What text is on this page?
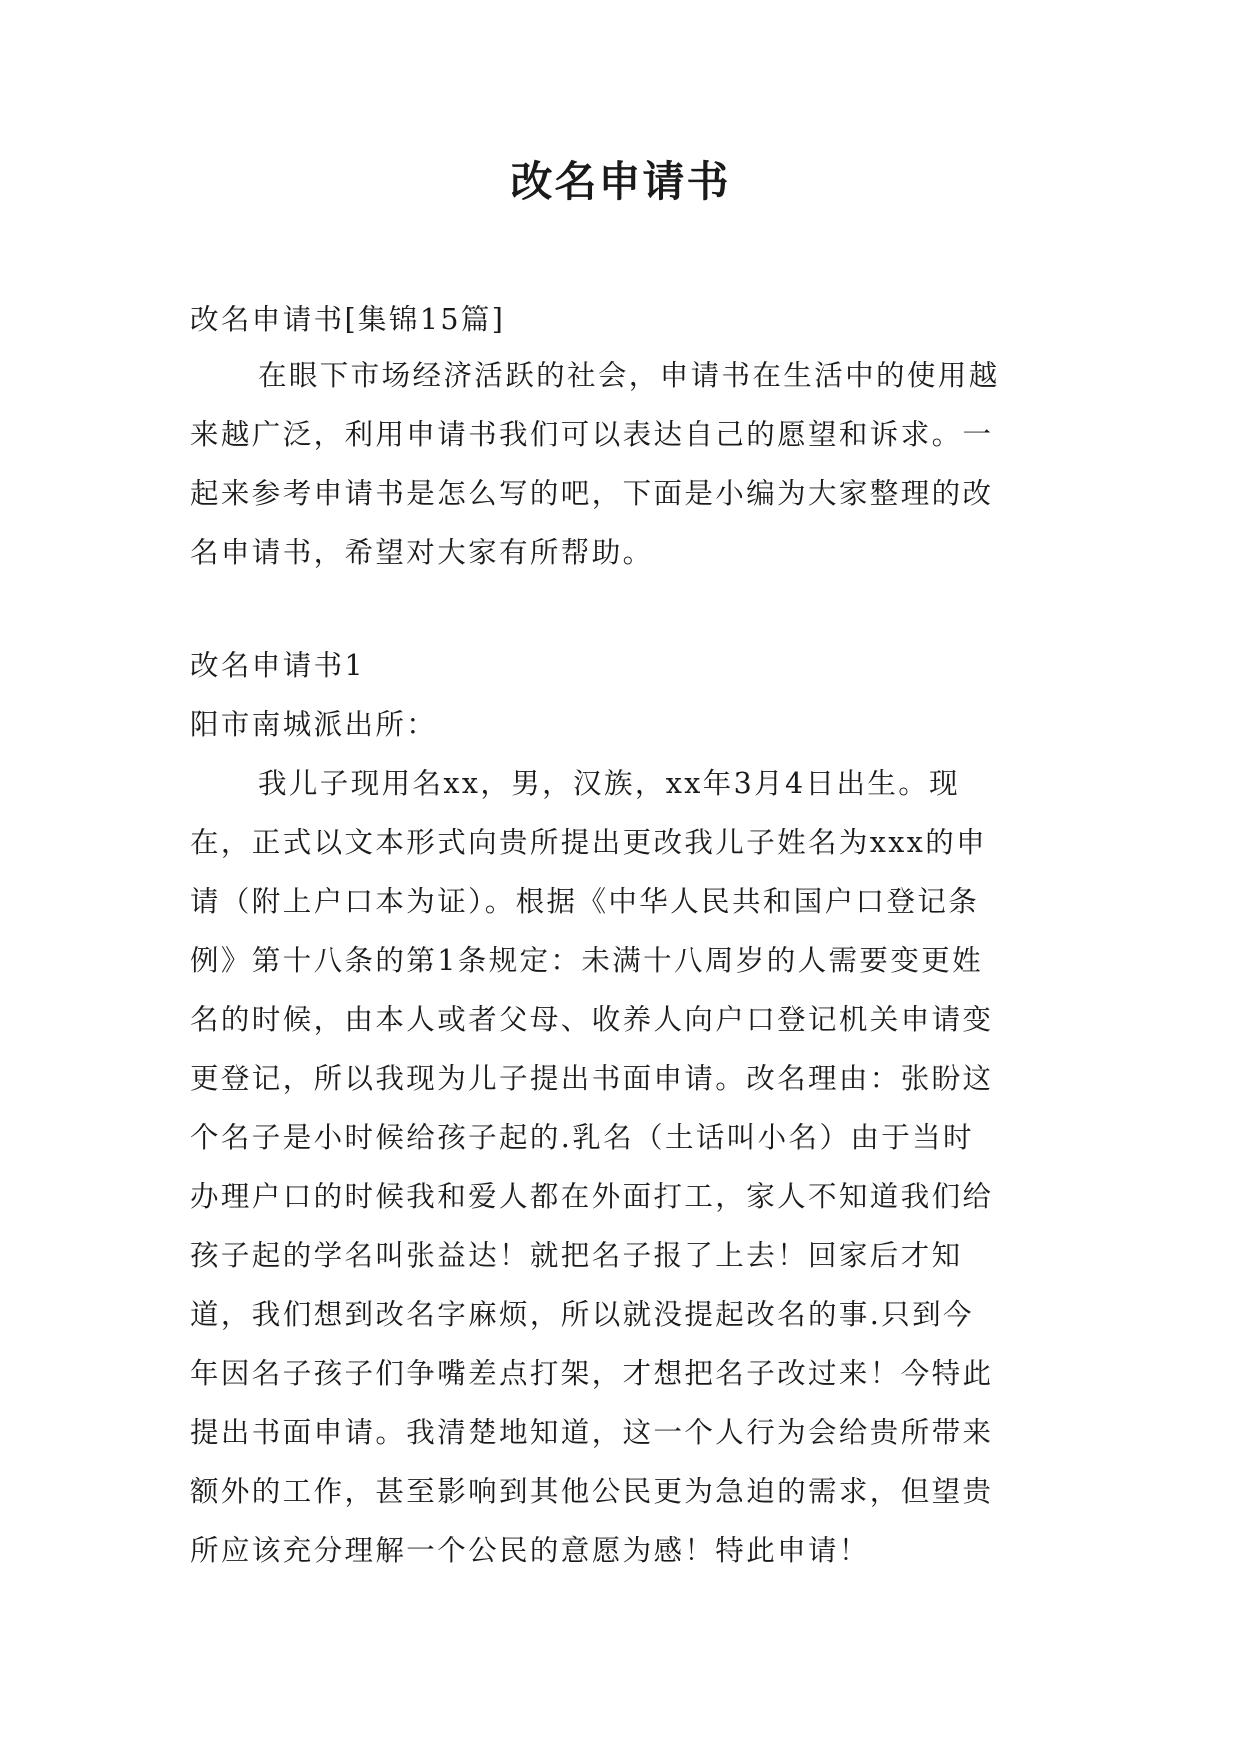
改名申请书
改名申请书[集锦15篇]
在眼下市场经济活跃的社会，申请书在生活中的使用越
来越广泛，利用申请书我们可以表达自己的愿望和诉求。一
起来参考申请书是怎么写的吧，下面是小编为大家整理的改
名申请书，希望对大家有所帮助。
改名申请书1
阳市南城派出所：
我儿子现用名xx，男，汉族，xx年3月4日出生。现
在，正式以文本形式向贵所提出更改我儿子姓名为xxx的申
请（附上户口本为证）。根据《中华人民共和国户口登记条
例》第十八条的第1条规定：未满十八周岁的人需要变更姓
名的时候，由本人或者父母、收养人向户口登记机关申请变
更登记，所以我现为儿子提出书面申请。改名理由：张盼这
个名子是小时候给孩子起的.乳名（土话叫小名）由于当时
办理户口的时候我和爱人都在外面打工，家人不知道我们给
孩子起的学名叫张益达！就把名子报了上去！回家后才知
道，我们想到改名字麻烦，所以就没提起改名的事.只到今
年因名子孩子们争嘴差点打架，才想把名子改过来！今特此
提出书面申请。我清楚地知道，这一个人行为会给贵所带来
额外的工作，甚至影响到其他公民更为急迫的需求，但望贵
所应该充分理解一个公民的意愿为感！特此申请！
